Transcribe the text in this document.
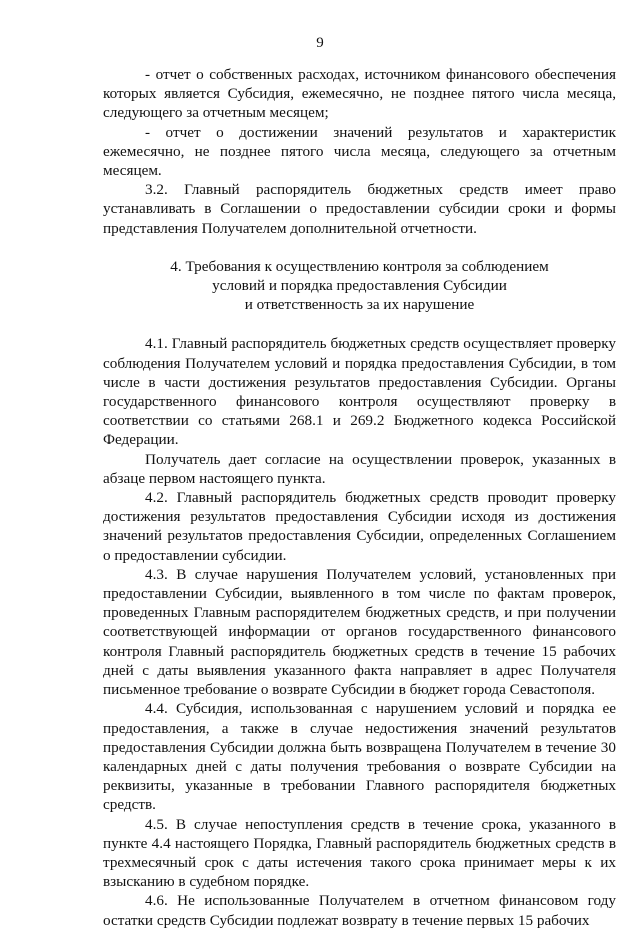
9

- отчет о собственных расходах, источником финансового обеспечения которых является Субсидия, ежемесячно, не позднее пятого числа месяца, следующего за отчетным месяцем;

- отчет о достижении значений результатов и характеристик ежемесячно, не позднее пятого числа месяца, следующего за отчетным месяцем.

3.2. Главный распорядитель бюджетных средств имеет право устанавливать в Соглашении о предоставлении субсидии сроки и формы представления Получателем дополнительной отчетности.

4. Требования к осуществлению контроля за соблюдением
условий и порядка предоставления Субсидии
и ответственность за их нарушение

4.1. Главный распорядитель бюджетных средств осуществляет проверку соблюдения Получателем условий и порядка предоставления Субсидии, в том числе в части достижения результатов предоставления Субсидии. Органы государственного финансового контроля осуществляют проверку в соответствии со статьями 268.1 и 269.2 Бюджетного кодекса Российской Федерации.

Получатель дает согласие на осуществлении проверок, указанных в абзаце первом настоящего пункта.

4.2. Главный распорядитель бюджетных средств проводит проверку достижения результатов предоставления Субсидии исходя из достижения значений результатов предоставления Субсидии, определенных Соглашением о предоставлении субсидии.

4.3. В случае нарушения Получателем условий, установленных при предоставлении Субсидии, выявленного в том числе по фактам проверок, проведенных Главным распорядителем бюджетных средств, и при получении соответствующей информации от органов государственного финансового контроля Главный распорядитель бюджетных средств в течение 15 рабочих дней с даты выявления указанного факта направляет в адрес Получателя письменное требование о возврате Субсидии в бюджет города Севастополя.

4.4. Субсидия, использованная с нарушением условий и порядка ее предоставления, а также в случае недостижения значений результатов предоставления Субсидии должна быть возвращена Получателем в течение 30 календарных дней с даты получения требования о возврате Субсидии на реквизиты, указанные в требовании Главного распорядителя бюджетных средств.

4.5. В случае непоступления средств в течение срока, указанного в пункте 4.4 настоящего Порядка, Главный распорядитель бюджетных средств в трехмесячный срок с даты истечения такого срока принимает меры к их взысканию в судебном порядке.

4.6. Не использованные Получателем в отчетном финансовом году остатки средств Субсидии подлежат возврату в течение первых 15 рабочих
